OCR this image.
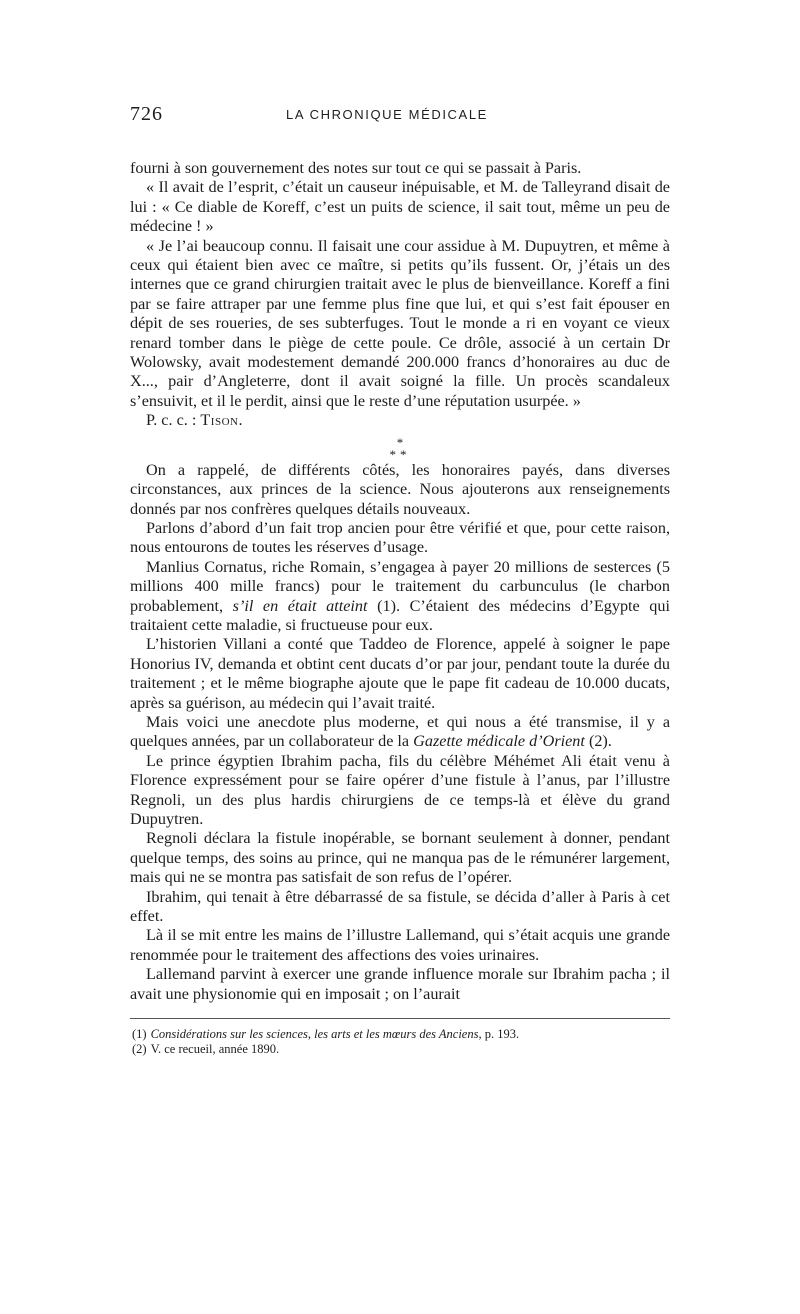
726	LA CHRONIQUE MÉDICALE

fourni à son gouvernement des notes sur tout ce qui se passait à Paris.

« Il avait de l’esprit, c’était un causeur inépuisable, et M. de Talleyrand disait de lui : « Ce diable de Koreff, c’est un puits de science, il sait tout, même un peu de médecine ! »

« Je l’ai beaucoup connu. Il faisait une cour assidue à M. Dupuytren, et même à ceux qui étaient bien avec ce maître, si petits qu’ils fussent. Or, j’étais un des internes que ce grand chirurgien traitait avec le plus de bienveillance. Koreff a fini par se faire attraper par une femme plus fine que lui, et qui s’est fait épouser en dépit de ses roueries, de ses subterfuges. Tout le monde a ri en voyant ce vieux renard tomber dans le piège de cette poule. Ce drôle, associé à un certain Dr Wolowsky, avait modestement demandé 200.000 francs d’honoraires au duc de X..., pair d’Angleterre, dont il avait soigné la fille. Un procès scandaleux s’ensuivit, et il le perdit, ainsi que le reste d’une réputation usurpée. »

P. c. c. : Tison.

*
**

On a rappelé, de différents côtés, les honoraires payés, dans diverses circonstances, aux princes de la science. Nous ajouterons aux renseignements donnés par nos confrères quelques détails nouveaux.

Parlons d’abord d’un fait trop ancien pour être vérifié et que, pour cette raison, nous entourons de toutes les réserves d’usage.

Manlius Cornatus, riche Romain, s’engagea à payer 20 millions de sesterces (5 millions 400 mille francs) pour le traitement du carbunculus (le charbon probablement, s’il en était atteint (1). C’étaient des médecins d’Egypte qui traitaient cette maladie, si fructueuse pour eux.

L’historien Villani a conté que Taddeo de Florence, appelé à soigner le pape Honorius IV, demanda et obtint cent ducats d’or par jour, pendant toute la durée du traitement ; et le même biographe ajoute que le pape fit cadeau de 10.000 ducats, après sa guérison, au médecin qui l’avait traité.

Mais voici une anecdote plus moderne, et qui nous a été transmise, il y a quelques années, par un collaborateur de la Gazette médicale d’Orient (2).

Le prince égyptien Ibrahim pacha, fils du célèbre Méhémet Ali était venu à Florence expressément pour se faire opérer d’une fistule à l’anus, par l’illustre Regnoli, un des plus hardis chirurgiens de ce temps-là et élève du grand Dupuytren.

Regnoli déclara la fistule inopérable, se bornant seulement à donner, pendant quelque temps, des soins au prince, qui ne manqua pas de le rémunérer largement, mais qui ne se montra pas satisfait de son refus de l’opérer.

Ibrahim, qui tenait à être débarrassé de sa fistule, se décida d’aller à Paris à cet effet.

Là il se mit entre les mains de l’illustre Lallemand, qui s’était acquis une grande renommée pour le traitement des affections des voies urinaires.

Lallemand parvint à exercer une grande influence morale sur Ibrahim pacha ; il avait une physionomie qui en imposait ; on l’aurait

(1) Considérations sur les sciences, les arts et les mœurs des Anciens, p. 193.

(2) V. ce recueil, année 1890.
